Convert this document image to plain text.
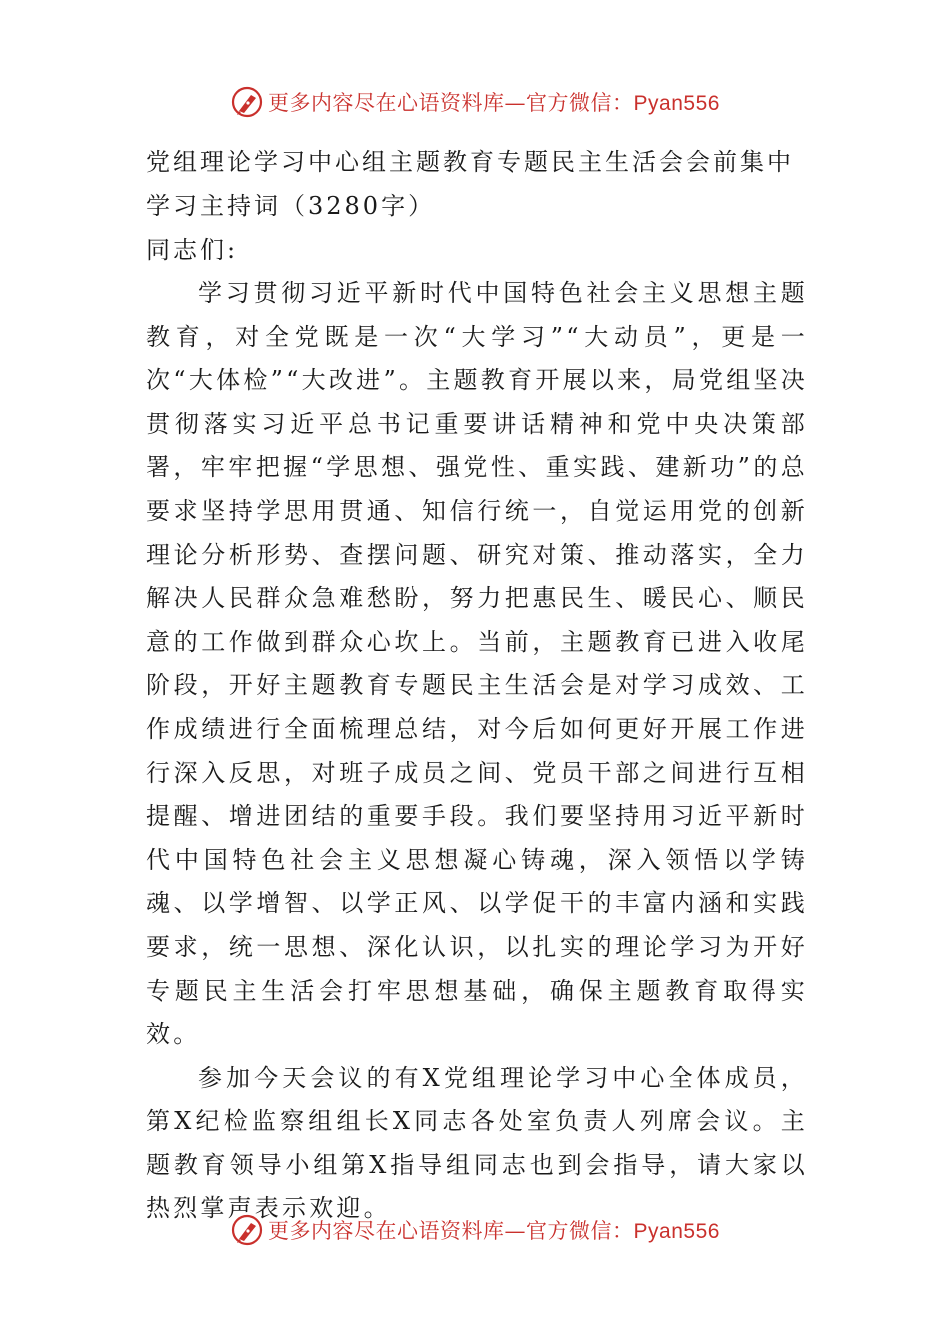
更多内容尽在心语资料库—官方微信：Pyan556

党组理论学习中心组主题教育专题民主生活会会前集中学习主持词（3280字）

同志们:

学习贯彻习近平新时代中国特色社会主义思想主题教育，对全党既是一次“大学习”“大动员”，更是一次“大体检”“大改进”。主题教育开展以来，局党组坚决贯彻落实习近平总书记重要讲话精神和党中央决策部署，牢牢把握“学思想、强党性、重实践、建新功”的总要求坚持学思用贯通、知信行统一，自觉运用党的创新理论分析形势、查摆问题、研究对策、推动落实，全力解决人民群众急难愁盼，努力把惠民生、暖民心、顺民意的工作做到群众心坎上。当前，主题教育已进入收尾阶段，开好主题教育专题民主生活会是对学习成效、工作成绩进行全面梳理总结，对今后如何更好开展工作进行深入反思，对班子成员之间、党员干部之间进行互相提醒、增进团结的重要手段。我们要坚持用习近平新时代中国特色社会主义思想凝心铸魂，深入领悟以学铸魂、以学增智、以学正风、以学促干的丰富内涵和实践要求，统一思想、深化认识，以扎实的理论学习为开好专题民主生活会打牢思想基础，确保主题教育取得实效。

参加今天会议的有X党组理论学习中心全体成员，第X纪检监察组组长X同志各处室负责人列席会议。主题教育领导小组第X指导组同志也到会指导，请大家以热烈掌声表示欢迎。

更多内容尽在心语资料库—官方微信：Pyan556
